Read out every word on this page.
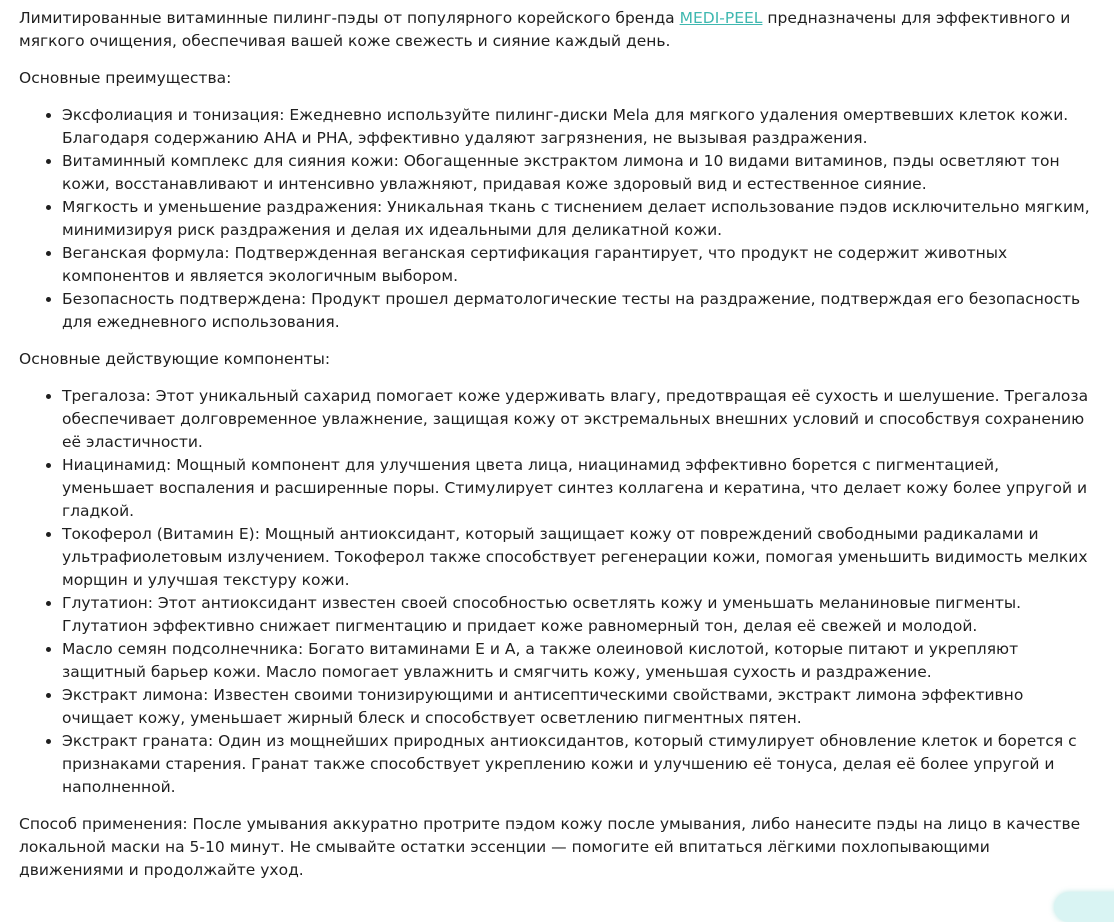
Лимитированные витаминные пилинг-пэды от популярного корейского бренда MEDI-PEEL предназначены для эффективного и мягкого очищения, обеспечивая вашей коже свежесть и сияние каждый день.

Основные преимущества:

• Эксфолиация и тонизация: Ежедневно используйте пилинг-диски Mela для мягкого удаления омертвевших клеток кожи. Благодаря содержанию AHA и PHA, эффективно удаляют загрязнения, не вызывая раздражения.
• Витаминный комплекс для сияния кожи: Обогащенные экстрактом лимона и 10 видами витаминов, пэды осветляют тон кожи, восстанавливают и интенсивно увлажняют, придавая коже здоровый вид и естественное сияние.
• Мягкость и уменьшение раздражения: Уникальная ткань с тиснением делает использование пэдов исключительно мягким, минимизируя риск раздражения и делая их идеальными для деликатной кожи.
• Веганская формула: Подтвержденная веганская сертификация гарантирует, что продукт не содержит животных компонентов и является экологичным выбором.
• Безопасность подтверждена: Продукт прошел дерматологические тесты на раздражение, подтверждая его безопасность для ежедневного использования.

Основные действующие компоненты:

• Трегалоза: Этот уникальный сахарид помогает коже удерживать влагу, предотвращая её сухость и шелушение. Трегалоза обеспечивает долговременное увлажнение, защищая кожу от экстремальных внешних условий и способствуя сохранению её эластичности.
• Ниацинамид: Мощный компонент для улучшения цвета лица, ниацинамид эффективно борется с пигментацией, уменьшает воспаления и расширенные поры. Стимулирует синтез коллагена и кератина, что делает кожу более упругой и гладкой.
• Токоферол (Витамин Е): Мощный антиоксидант, который защищает кожу от повреждений свободными радикалами и ультрафиолетовым излучением. Токоферол также способствует регенерации кожи, помогая уменьшить видимость мелких морщин и улучшая текстуру кожи.
• Глутатион: Этот антиоксидант известен своей способностью осветлять кожу и уменьшать меланиновые пигменты. Глутатион эффективно снижает пигментацию и придает коже равномерный тон, делая её свежей и молодой.
• Масло семян подсолнечника: Богато витаминами Е и А, а также олеиновой кислотой, которые питают и укрепляют защитный барьер кожи. Масло помогает увлажнить и смягчить кожу, уменьшая сухость и раздражение.
• Экстракт лимона: Известен своими тонизирующими и антисептическими свойствами, экстракт лимона эффективно очищает кожу, уменьшает жирный блеск и способствует осветлению пигментных пятен.
• Экстракт граната: Один из мощнейших природных антиоксидантов, который стимулирует обновление клеток и борется с признаками старения. Гранат также способствует укреплению кожи и улучшению её тонуса, делая её более упругой и наполненной.

Способ применения: После умывания аккуратно протрите пэдом кожу после умывания, либо нанесите пэды на лицо в качестве локальной маски на 5-10 минут. Не смывайте остатки эссенции — помогите ей впитаться лёгкими похлопывающими движениями и продолжайте уход.
